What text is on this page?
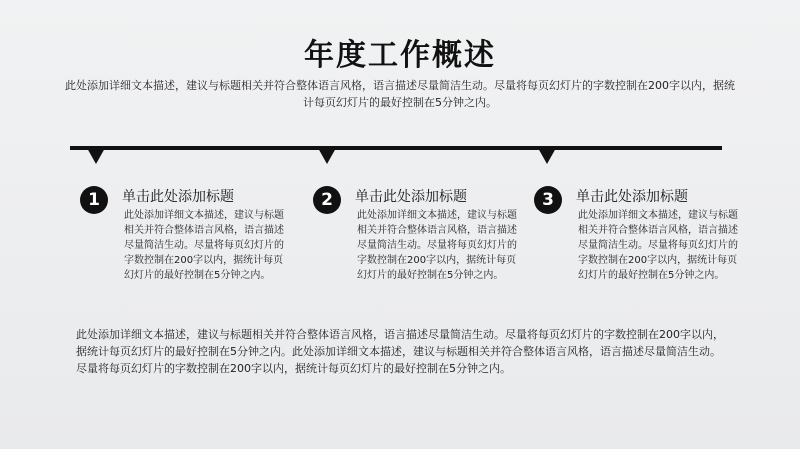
年度工作概述
此处添加详细文本描述，建议与标题相关并符合整体语言风格，语言描述尽量简洁生动。尽量将每页幻灯片的字数控制在200字以内，据统计每页幻灯片的最好控制在5分钟之内。
1	单击此处添加标题
此处添加详细文本描述，建议与标题相关并符合整体语言风格，语言描述尽量简洁生动。尽量将每页幻灯片的字数控制在200字以内，据统计每页幻灯片的最好控制在5分钟之内。
2	单击此处添加标题
此处添加详细文本描述，建议与标题相关并符合整体语言风格，语言描述尽量简洁生动。尽量将每页幻灯片的字数控制在200字以内，据统计每页幻灯片的最好控制在5分钟之内。
3	单击此处添加标题
此处添加详细文本描述，建议与标题相关并符合整体语言风格，语言描述尽量简洁生动。尽量将每页幻灯片的字数控制在200字以内，据统计每页幻灯片的最好控制在5分钟之内。
此处添加详细文本描述，建议与标题相关并符合整体语言风格，语言描述尽量简洁生动。尽量将每页幻灯片的字数控制在200字以内，据统计每页幻灯片的最好控制在5分钟之内。此处添加详细文本描述，建议与标题相关并符合整体语言风格，语言描述尽量简洁生动。尽量将每页幻灯片的字数控制在200字以内，据统计每页幻灯片的最好控制在5分钟之内。
